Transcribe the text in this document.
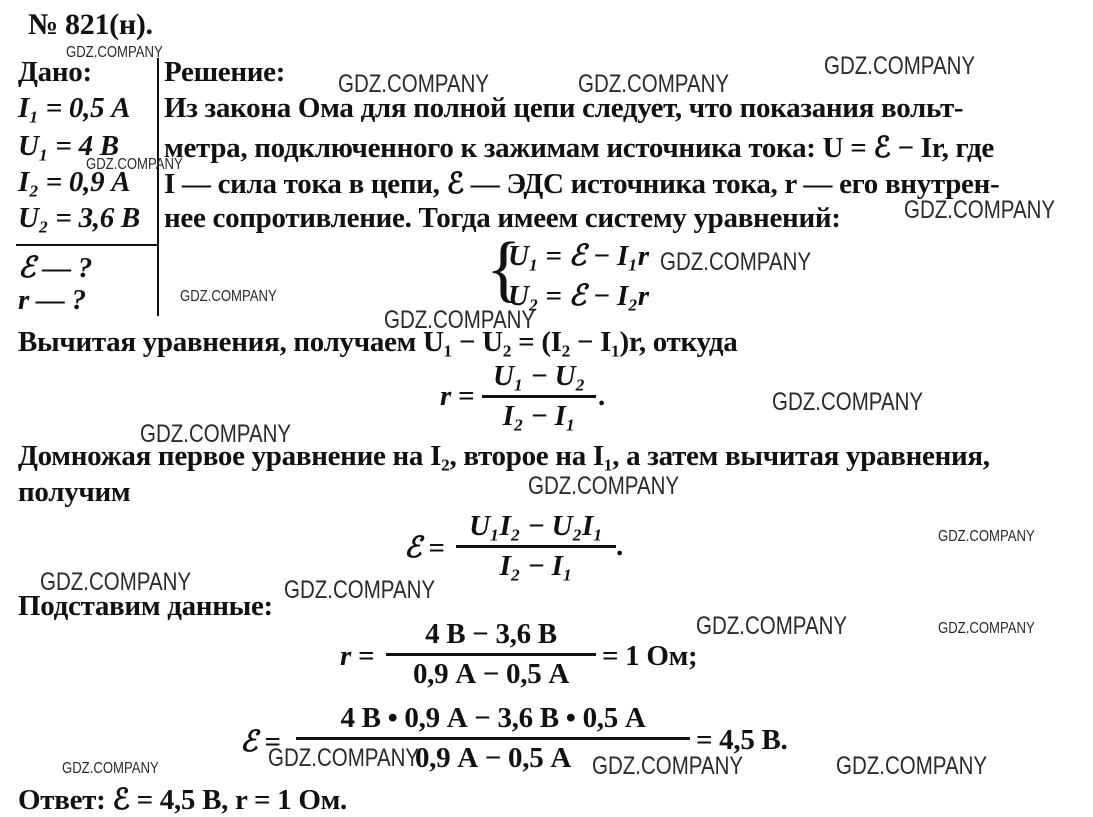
№ 821(н).
Дано:
I₁ = 0,5 А
U₁ = 4 В
I₂ = 0,9 А
U₂ = 3,6 В
ℰ — ?
r — ?
Решение:
Из закона Ома для полной цепи следует, что показания вольт-
метра, подключенного к зажимам источника тока: U = ℰ − Ir, где
I — сила тока в цепи, ℰ — ЭДС источника тока, r — его внутрен-
нее сопротивление. Тогда имеем систему уравнений:
{
U₁ = ℰ − I₁r
U₂ = ℰ − I₂r
Вычитая уравнения, получаем U₁ − U₂ = (I₂ − I₁)r, откуда
r =
U₁ − U₂
I₂ − I₁
.
Домножая первое уравнение на I₂, второе на I₁, а затем вычитая уравнения,
получим
ℰ =
U₁I₂ − U₂I₁
I₂ − I₁
.
Подставим данные:
r =
4 В − 3,6 В
0,9 А − 0,5 А
= 1 Ом;
ℰ =
4 В • 0,9 А − 3,6 В • 0,5 А
0,9 А − 0,5 А
= 4,5 В.
Ответ: ℰ = 4,5 В, r = 1 Ом.
GDZ.COMPANY
GDZ.COMPANY	GDZ.COMPANY
GDZ.COMPANY
GDZ.COMPANY
GDZ.COMPANY
GDZ.COMPANY
GDZ.COMPANY
GDZ.COMPANY
GDZ.COMPANY
GDZ.COMPANY
GDZ.COMPANY
GDZ.COMPANY
GDZ.COMPANY	GDZ.COMPANY
GDZ.COMPANY	GDZ.COMPANY
GDZ.COMPANY	GDZ.COMPANY	GDZ.COMPANY
GDZ.COMPANY
